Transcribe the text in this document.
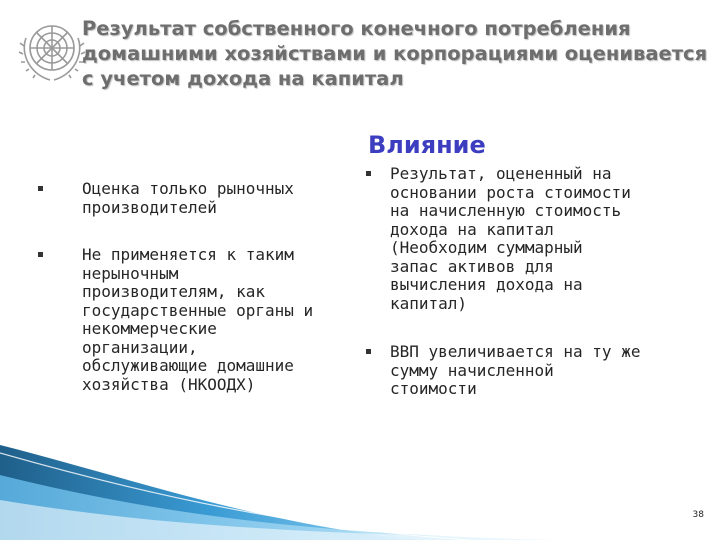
Результат собственного конечного потребления
домашними хозяйствами и корпорациями оценивается
с учетом дохода на капитал
Влияние
Оценка только рыночных
производителей
Не применяется к таким
нерыночным
производителям, как
государственные органы и
некоммерческие
организации,
обслуживающие домашние
хозяйства (НКООДХ)
Результат, оцененный на
основании роста стоимости
на начисленную стоимость
дохода на капитал
(Необходим суммарный
запас активов для
вычисления дохода на
капитал)
ВВП увеличивается на ту же
сумму начисленной
стоимости
38
